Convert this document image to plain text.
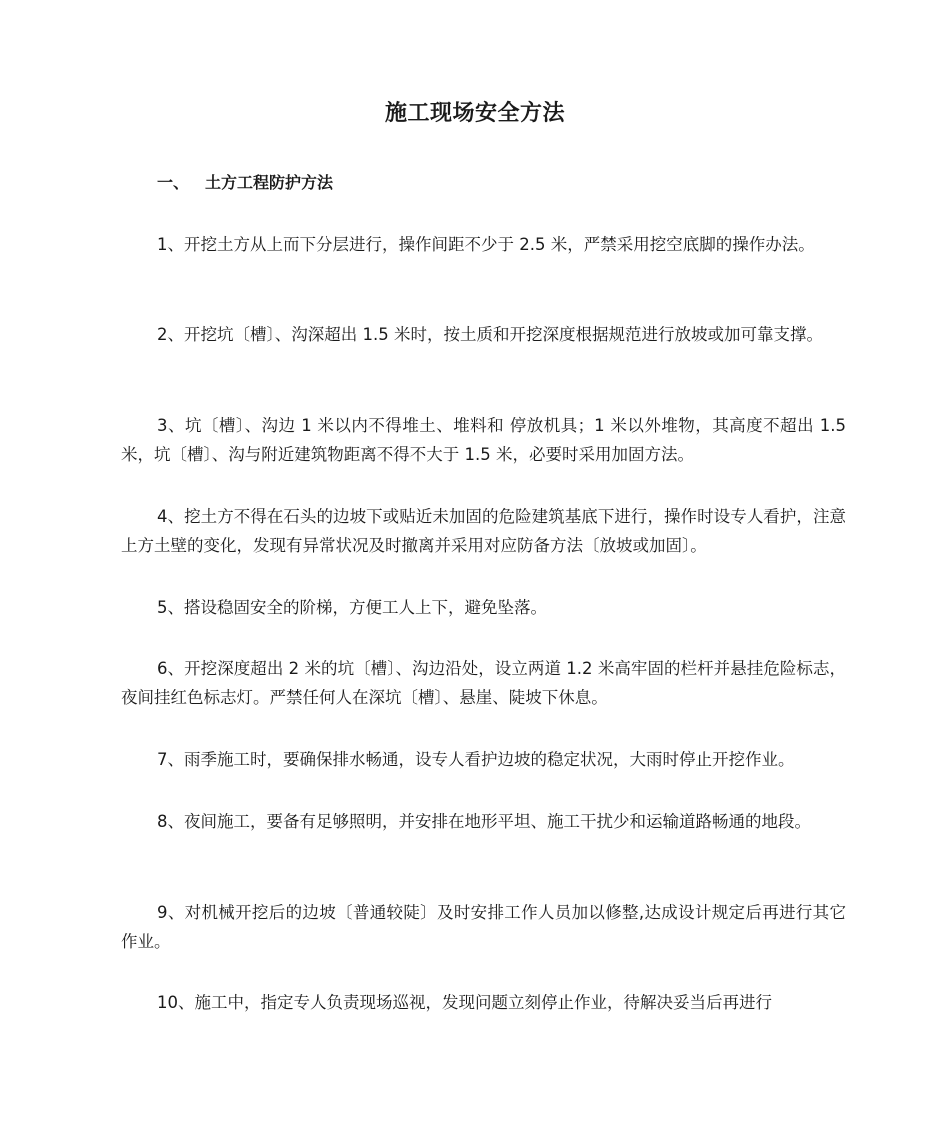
施工现场安全方法
一、 土方工程防护方法

1、开挖土方从上而下分层进行，操作间距不少于 2.5 米，严禁采用挖空底脚的操作办法。

2、开挖坑〔槽〕、沟深超出 1.5 米时，按土质和开挖深度根据规范进行放坡或加可靠支撑。

3、坑〔槽〕、沟边 1 米以内不得堆土、堆料和 停放机具；1 米以外堆物，其高度不超出 1.5 米，坑〔槽〕、沟与附近建筑物距离不得不大于 1.5 米，必要时采用加固方法。

4、挖土方不得在石头的边坡下或贴近未加固的危险建筑基底下进行，操作时设专人看护，注意上方土壁的变化，发现有异常状况及时撤离并采用对应防备方法〔放坡或加固〕。

5、搭设稳固安全的阶梯，方便工人上下，避免坠落。

6、开挖深度超出 2 米的坑〔槽〕、沟边沿处，设立两道 1.2 米高牢固的栏杆并悬挂危险标志，夜间挂红色标志灯。严禁任何人在深坑〔槽〕、悬崖、陡坡下休息。

7、雨季施工时，要确保排水畅通，设专人看护边坡的稳定状况，大雨时停止开挖作业。

8、夜间施工，要备有足够照明，并安排在地形平坦、施工干扰少和运输道路畅通的地段。

9、对机械开挖后的边坡〔普通较陡〕及时安排工作人员加以修整,达成设计规定后再进行其它作业。

10、施工中，指定专人负责现场巡视，发现问题立刻停止作业，待解决妥当后再进行
